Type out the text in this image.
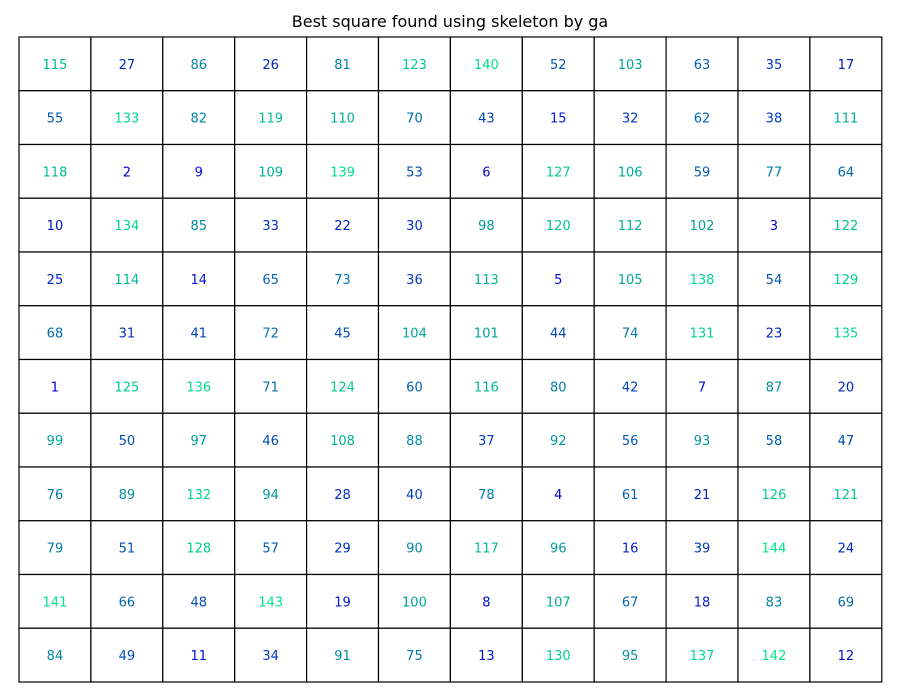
Best square found using skeleton by ga
115	27	86	26	81	123	140	52	103	63	35	17
55	133	82	119	110	70	43	15	32	62	38	111
118	2	9	109	139	53	6	127	106	59	77	64
10	134	85	33	22	30	98	120	112	102	3	122
25	114	14	65	73	36	113	5	105	138	54	129
68	31	41	72	45	104	101	44	74	131	23	135
1	125	136	71	124	60	116	80	42	7	87	20
99	50	97	46	108	88	37	92	56	93	58	47
76	89	132	94	28	40	78	4	61	21	126	121
79	51	128	57	29	90	117	96	16	39	144	24
141	66	48	143	19	100	8	107	67	18	83	69
84	49	11	34	91	75	13	130	95	137	142	12
